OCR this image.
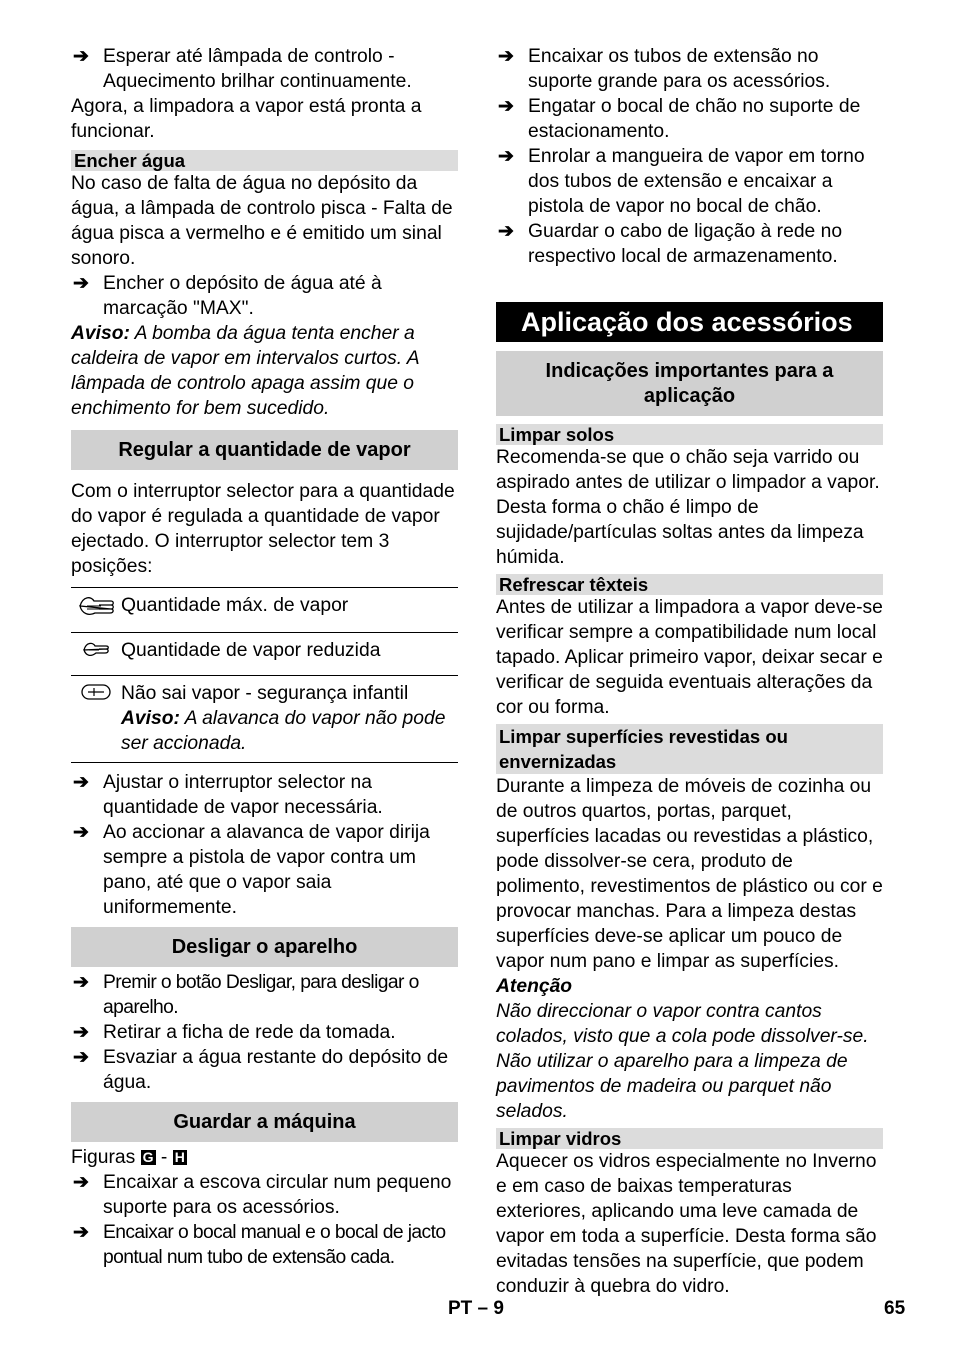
➔ Esperar até lâmpada de controlo - Aquecimento brilhar continuamente.

Agora, a limpadora a vapor está pronta a funcionar.

Encher água

No caso de falta de água no depósito da água, a lâmpada de controlo pisca - Falta de água pisca a vermelho e é emitido um sinal sonoro.

➔ Encher o depósito de água até à marcação "MAX".

Aviso: A bomba da água tenta encher a caldeira de vapor em intervalos curtos. A lâmpada de controlo apaga assim que o enchimento for bem sucedido.

Regular a quantidade de vapor

Com o interruptor selector para a quantidade do vapor é regulada a quantidade de vapor ejectado. O interruptor selector tem 3 posições:

	Quantidade máx. de vapor
	Quantidade de vapor reduzida

Não sai vapor - segurança infantil
Aviso: A alavanca do vapor não pode ser accionada.
➔ Ajustar o interruptor selector na quantidade de vapor necessária.
➔ Ao accionar a alavanca de vapor dirija sempre a pistola de vapor contra um pano, até que o vapor saia uniformemente.
Desligar o aparelho
➔ Premir o botão Desligar, para desligar o aparelho.
➔ Retirar a ficha de rede da tomada.
➔ Esvaziar a água restante do depósito de água.
Guardar a máquina

Figuras G - H

➔ Encaixar a escova circular num pequeno suporte para os acessórios.
➔ Encaixar o bocal manual e o bocal de jacto pontual num tubo de extensão cada.
➔ Encaixar os tubos de extensão no suporte grande para os acessórios.
➔ Engatar o bocal de chão no suporte de estacionamento.
➔ Enrolar a mangueira de vapor em torno dos tubos de extensão e encaixar a pistola de vapor no bocal de chão.
➔ Guardar o cabo de ligação à rede no respectivo local de armazenamento.
Aplicação dos acessórios
Indicações importantes para a aplicação
Limpar solos

Recomenda-se que o chão seja varrido ou aspirado antes de utilizar o limpador a vapor. Desta forma o chão é limpo de sujidade/partículas soltas antes da limpeza húmida.

Refrescar têxteis

Antes de utilizar a limpadora a vapor deve-se verificar sempre a compatibilidade num local tapado. Aplicar primeiro vapor, deixar secar e verificar de seguida eventuais alterações da cor ou forma.

Limpar superfícies revestidas ou envernizadas

Durante a limpeza de móveis de cozinha ou de outros quartos, portas, parquet, superfícies lacadas ou revestidas a plástico, pode dissolver-se cera, produto de polimento, revestimentos de plástico ou cor e provocar manchas. Para a limpeza destas superfícies deve-se aplicar um pouco de vapor num pano e limpar as superfícies.

Atenção

Não direccionar o vapor contra cantos colados, visto que a cola pode dissolver-se. Não utilizar o aparelho para a limpeza de pavimentos de madeira ou parquet não selados.

Limpar vidros

Aquecer os vidros especialmente no Inverno e em caso de baixas temperaturas exteriores, aplicando uma leve camada de vapor em toda a superfície. Desta forma são evitadas tensões na superfície, que podem conduzir à quebra do vidro.

PT – 9	65
